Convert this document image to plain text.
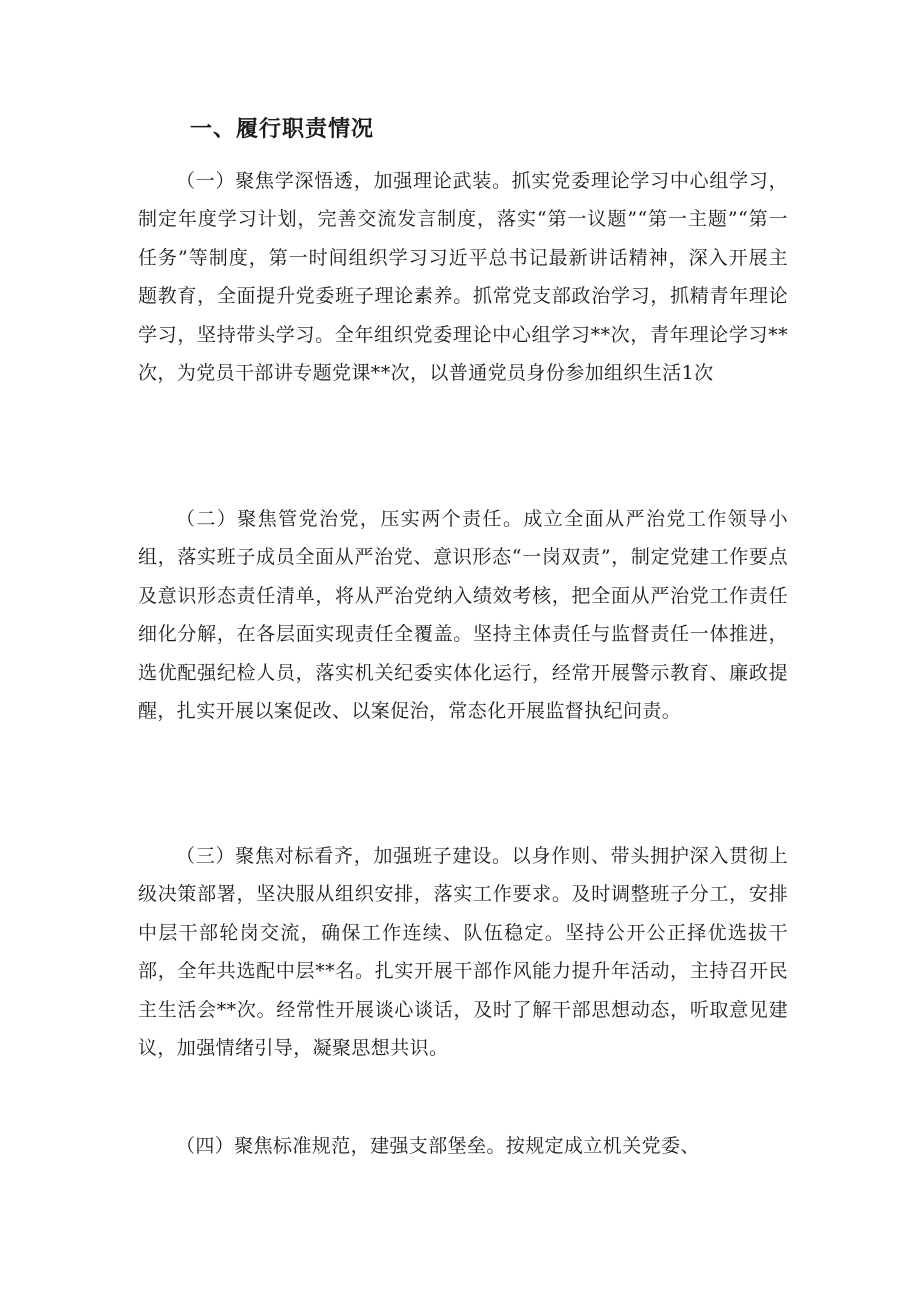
一、履行职责情况

（一）聚焦学深悟透，加强理论武装。抓实党委理论学习中心组学习，制定年度学习计划，完善交流发言制度，落实“第一议题”“第一主题”“第一任务”等制度，第一时间组织学习习近平总书记最新讲话精神，深入开展主题教育，全面提升党委班子理论素养。抓常党支部政治学习，抓精青年理论学习，坚持带头学习。全年组织党委理论中心组学习**次，青年理论学习**次，为党员干部讲专题党课**次，以普通党员身份参加组织生活1次

（二）聚焦管党治党，压实两个责任。成立全面从严治党工作领导小组，落实班子成员全面从严治党、意识形态“一岗双责”，制定党建工作要点及意识形态责任清单，将从严治党纳入绩效考核，把全面从严治党工作责任细化分解，在各层面实现责任全覆盖。坚持主体责任与监督责任一体推进，选优配强纪检人员，落实机关纪委实体化运行，经常开展警示教育、廉政提醒，扎实开展以案促改、以案促治，常态化开展监督执纪问责。

（三）聚焦对标看齐，加强班子建设。以身作则、带头拥护深入贯彻上级决策部署，坚决服从组织安排，落实工作要求。及时调整班子分工，安排中层干部轮岗交流，确保工作连续、队伍稳定。坚持公开公正择优选拔干部，全年共选配中层**名。扎实开展干部作风能力提升年活动，主持召开民主生活会**次。经常性开展谈心谈话，及时了解干部思想动态，听取意见建议，加强情绪引导，凝聚思想共识。

（四）聚焦标准规范，建强支部堡垒。按规定成立机关党委、
